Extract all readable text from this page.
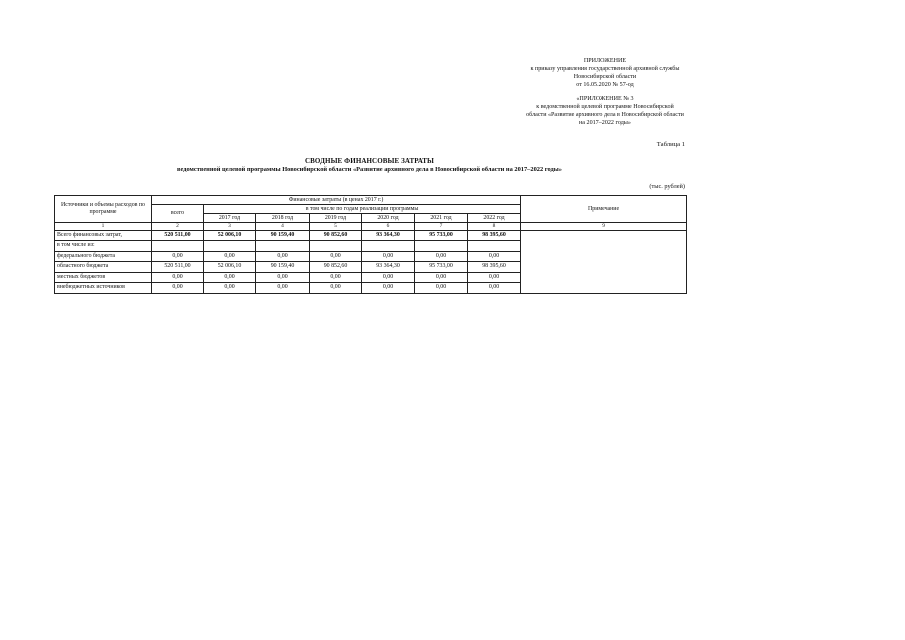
ПРИЛОЖЕНИЕ
к приказу управления государственной архивной службы
Новосибирской области
от 16.05.2020 № 57-од
«ПРИЛОЖЕНИЕ № 3
к ведомственной целевой программе Новосибирской
области «Развитие архивного дела в Новосибирской области
на 2017–2022 годы»
Таблица 1
СВОДНЫЕ ФИНАНСОВЫЕ ЗАТРАТЫ
ведомственной целевой программы Новосибирской области «Развитие архивного дела в Новосибирской области на 2017–2022 годы»
(тыс. рублей)
Источники и объемы расходов по программе	Финансовые затраты (в ценах 2017 г.)							Примечание
	всего	в том числе по годам реализации программы						
		2017 год	2018 год	2019 год	2020 год	2021 год	2022 год	
1	2	3	4	5	6	7	8	9
Всего финансовых затрат,	520 511,00	52 006,10	90 159,40	90 852,60	93 364,30	95 733,00	98 395,60	
в том числе из:								
федерального бюджета	0,00	0,00	0,00	0,00	0,00	0,00	0,00	
областного бюджета	520 511,00	52 006,10	90 159,40	90 852,60	93 364,30	95 733,00	98 395,60	
местных бюджетов	0,00	0,00	0,00	0,00	0,00	0,00	0,00	
внебюджетных источников	0,00	0,00	0,00	0,00	0,00	0,00	0,00	
